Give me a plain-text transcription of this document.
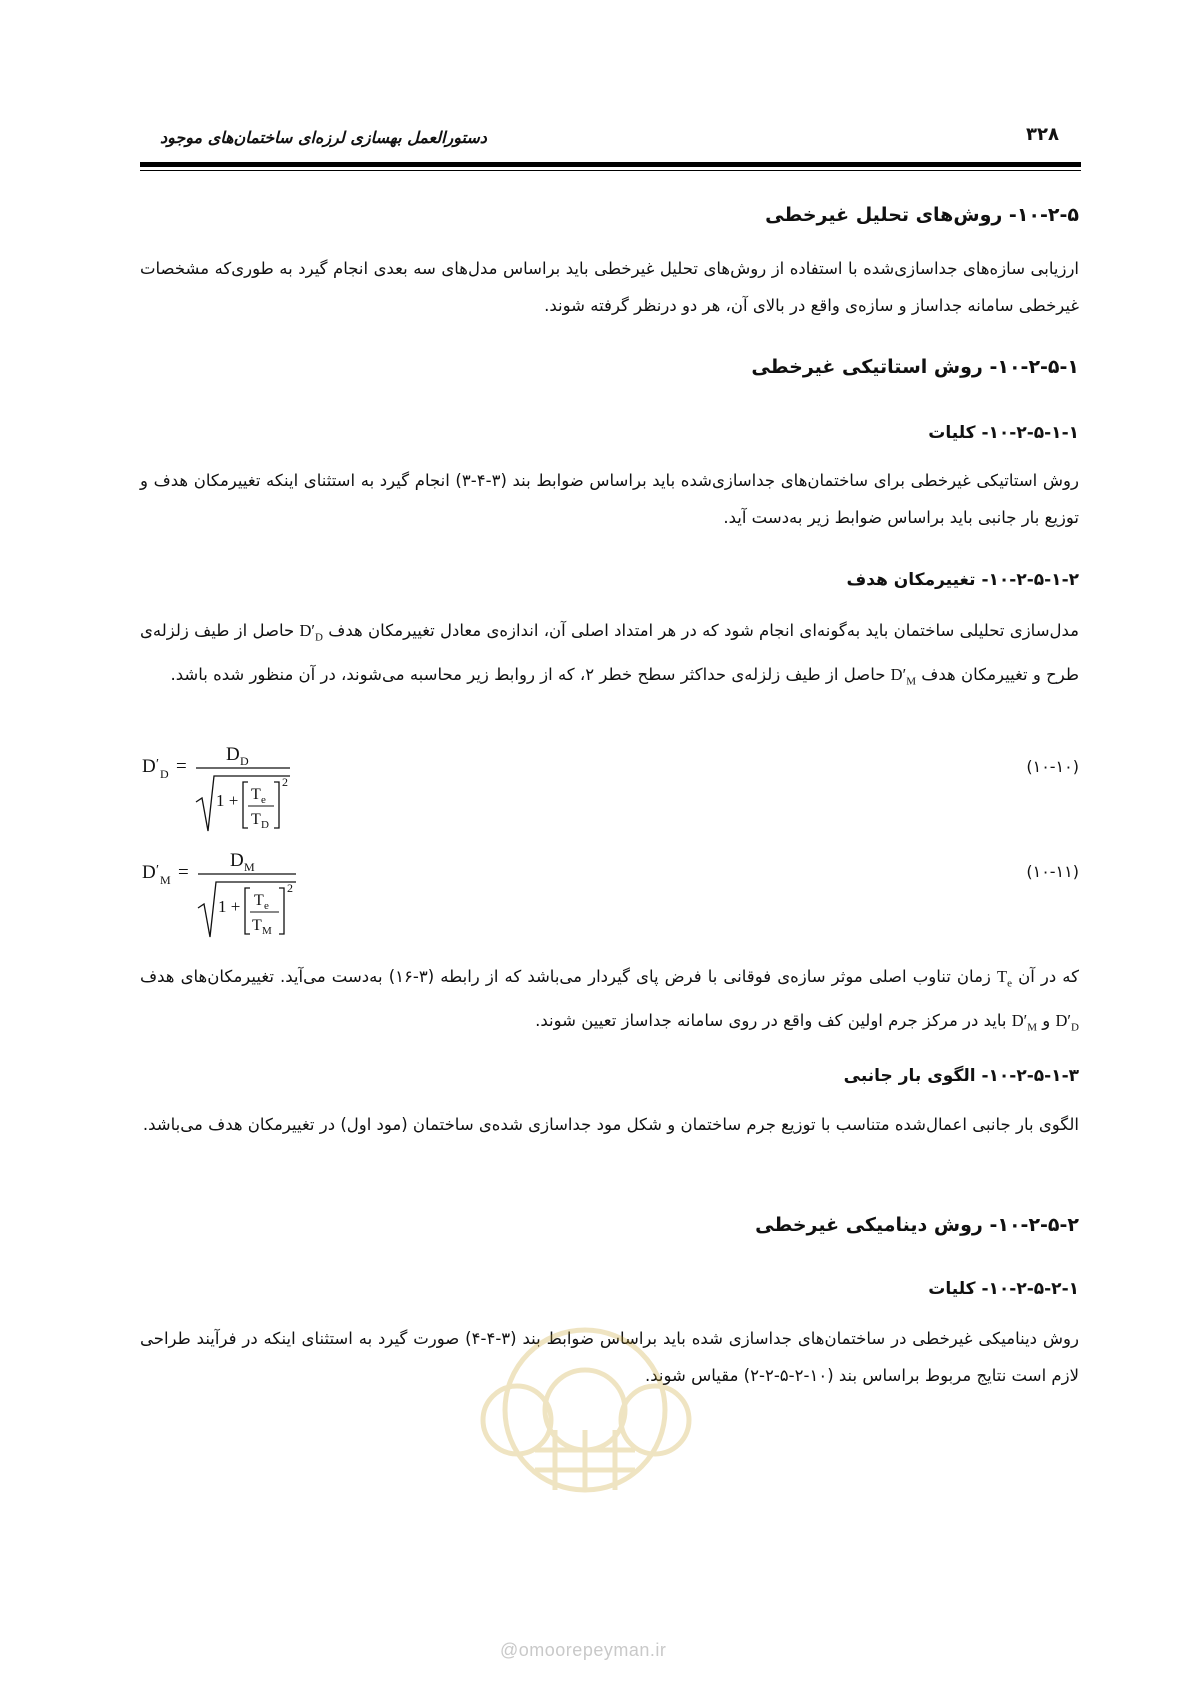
۳۲۸
دستورالعمل بهسازی لرزه‌ای ساختمان‌های موجود
۱۰-۲-۵- روش‌های تحلیل غیرخطی

ارزیابی سازه‌های جداسازی‌شده با استفاده از روش‌های تحلیل غیرخطی باید براساس مدل‌های سه بعدی انجام گیرد به طوری‌که مشخصات غیرخطی سامانه جداساز و سازه‌ی واقع در بالای آن، هر دو درنظر گرفته شوند.

۱۰-۲-۵-۱- روش استاتیکی غیرخطی
۱۰-۲-۵-۱-۱- کلیات

روش استاتیکی غیرخطی برای ساختمان‌های جداسازی‌شده باید براساس ضوابط بند (۳-۴-۳) انجام گیرد به استثنای اینکه تغییرمکان هدف و توزیع بار جانبی باید براساس ضوابط زیر به‌دست آید.

۱۰-۲-۵-۱-۲- تغییرمکان هدف

مدل‌سازی تحلیلی ساختمان باید به‌گونه‌ای انجام شود که در هر امتداد اصلی آن، اندازه‌ی معادل تغییرمکان هدف $D'_D$ حاصل از طیف زلزله‌ی طرح و تغییرمکان هدف $D'_M$ حاصل از طیف زلزله‌ی حداکثر سطح خطر ۲، که از روابط زیر محاسبه می‌شوند، در آن منظور شده باشد.

(۱۰-۱۰)
D ′
D =
D D
1 + T e
T D
2
(۱۰-۱۱)
D ′
M =
D M
1 + T e
T M
2

که در آن $T_e$ زمان تناوب اصلی موثر سازه‌ی فوقانی با فرض پای گیردار می‌باشد که از رابطه (۳-۱۶) به‌دست می‌آید. تغییرمکان‌های هدف $D'_D$ و $D'_M$ باید در مرکز جرم اولین کف واقع در روی سامانه جداساز تعیین شوند.

۱۰-۲-۵-۱-۳- الگوی بار جانبی

الگوی بار جانبی اعمال‌شده متناسب با توزیع جرم ساختمان و شکل مود جداسازی شده‌ی ساختمان (مود اول) در تغییرمکان هدف می‌باشد.

۱۰-۲-۵-۲- روش دینامیکی غیرخطی
۱۰-۲-۵-۲-۱- کلیات

روش دینامیکی غیرخطی در ساختمان‌های جداسازی شده باید براساس ضوابط بند (۳-۴-۴) صورت گیرد به استثنای اینکه در فرآیند طراحی لازم است نتایج مربوط براساس بند (۱۰-۲-۵-۲-۲) مقیاس شوند.

@omoorepeyman.ir
